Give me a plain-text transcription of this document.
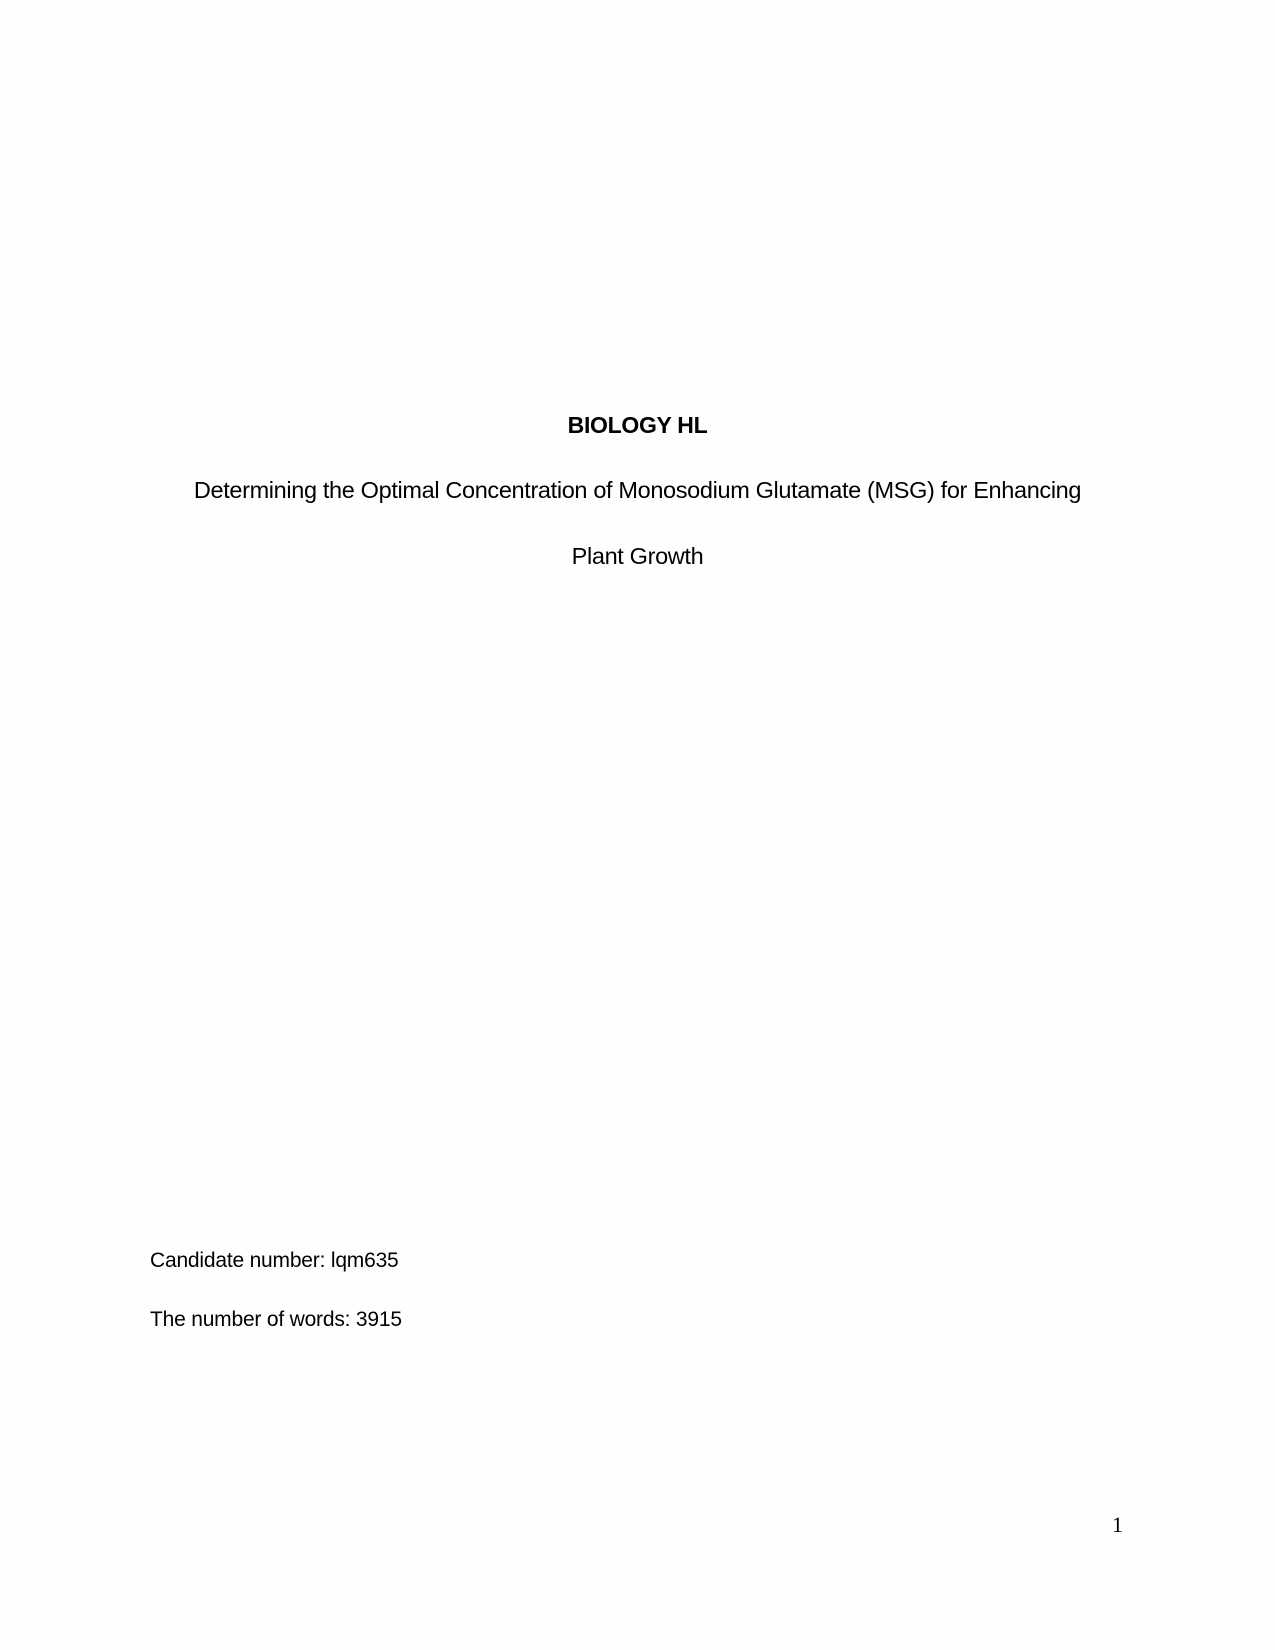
BIOLOGY HL
Determining the Optimal Concentration of Monosodium Glutamate (MSG) for Enhancing
Plant Growth
Candidate number: lqm635
The number of words: 3915
1
